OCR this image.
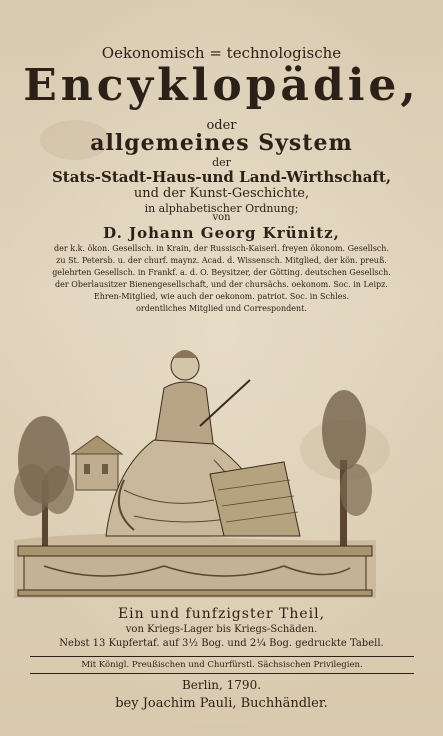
Oekonomisch = technologische
Encyklopädie,
oder
allgemeines System
der
Stats-Stadt-Haus-und Land-Wirthschaft,
und der Kunst-Geschichte,
in alphabetischer Ordnung;
von
D. Johann Georg Krünitz,
der k.k. ökon. Gesellsch. in Krain, der Russisch-Kaiserl. freyen ökonom. Gesellsch.
zu St. Petersb. u. der churf. maynz. Acad. d. Wissensch. Mitglied, der kön. preuß.
gelehrten Gesellsch. in Frankf. a. d. O. Beysitzer, der Götting. deutschen Gesellsch.
der Oberlausitzer Bienengesellschaft, und der chursächs. oekonom. Soc. in Leipz.
Ehren-Mitglied, wie auch der oekonom. patriot. Soc. in Schles.
ordentliches Mitglied und Correspondent.
Ein und funfzigster Theil,
von Kriegs-Lager bis Kriegs-Schäden.
Nebst 13 Kupfertaf. auf 3½ Bog. und 2¼ Bog. gedruckte Tabell.
Mit Königl. Preußischen und Churfürstl. Sächsischen Privilegien.
Berlin, 1790.
bey Joachim Pauli, Buchhändler.
